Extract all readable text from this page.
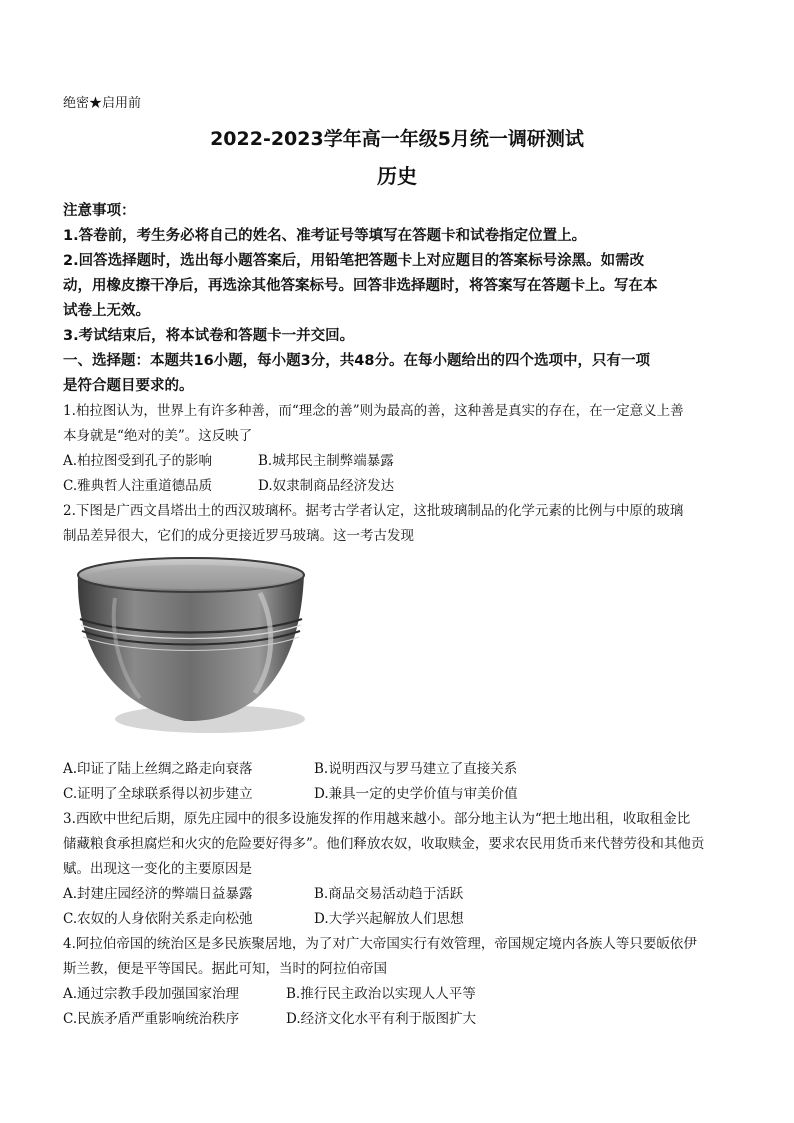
绝密★启用前
2022-2023学年高一年级5月统一调研测试
历史
注意事项：
1.答卷前，考生务必将自己的姓名、准考证号等填写在答题卡和试卷指定位置上。
2.回答选择题时，选出每小题答案后，用铅笔把答题卡上对应题目的答案标号涂黑。如需改
动，用橡皮擦干净后，再选涂其他答案标号。回答非选择题时，将答案写在答题卡上。写在本
试卷上无效。
3.考试结束后，将本试卷和答题卡一并交回。
一、选择题：本题共16小题，每小题3分，共48分。在每小题给出的四个选项中，只有一项
是符合题目要求的。
1.柏拉图认为，世界上有许多种善，而“理念的善”则为最高的善，这种善是真实的存在，在一定意义上善
本身就是“绝对的美”。这反映了
A.柏拉图受到孔子的影响	B.城邦民主制弊端暴露
C.雅典哲人注重道德品质	D.奴隶制商品经济发达
2.下图是广西文昌塔出土的西汉玻璃杯。据考古学者认定，这批玻璃制品的化学元素的比例与中原的玻璃
制品差异很大，它们的成分更接近罗马玻璃。这一考古发现
A.印证了陆上丝绸之路走向衰落	B.说明西汉与罗马建立了直接关系
C.证明了全球联系得以初步建立	D.兼具一定的史学价值与审美价值
3.西欧中世纪后期，原先庄园中的很多设施发挥的作用越来越小。部分地主认为“把土地出租，收取租金比
储藏粮食承担腐烂和火灾的危险要好得多”。他们释放农奴，收取赎金，要求农民用货币来代替劳役和其他贡
赋。出现这一变化的主要原因是
A.封建庄园经济的弊端日益暴露	B.商品交易活动趋于活跃
C.农奴的人身依附关系走向松弛	D.大学兴起解放人们思想
4.阿拉伯帝国的统治区是多民族聚居地，为了对广大帝国实行有效管理，帝国规定境内各族人等只要皈依伊
斯兰教，便是平等国民。据此可知，当时的阿拉伯帝国
A.通过宗教手段加强国家治理	B.推行民主政治以实现人人平等
C.民族矛盾严重影响统治秩序	D.经济文化水平有利于版图扩大
